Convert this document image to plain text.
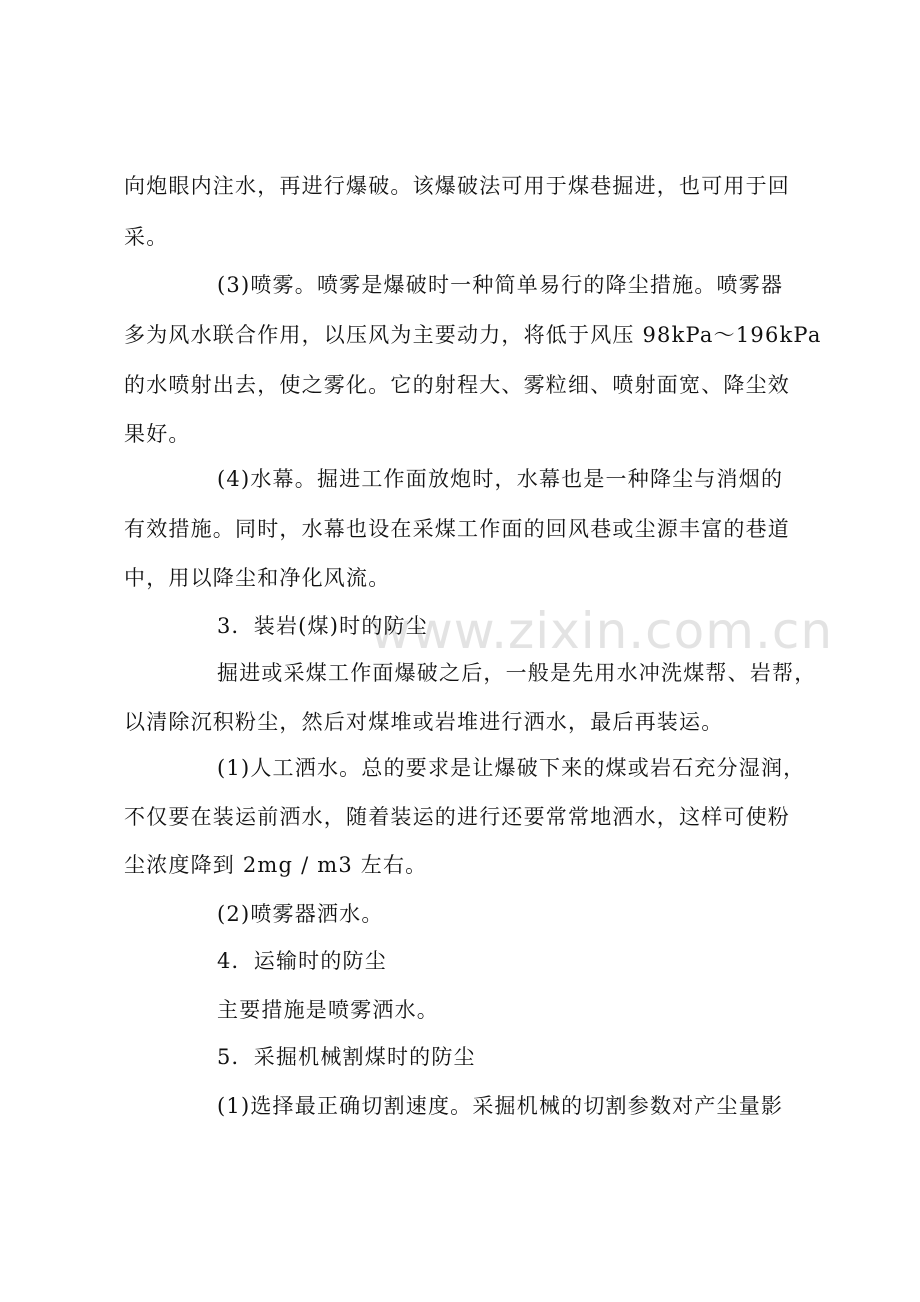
www.zixin.com.cn
向炮眼内注水，再进行爆破。该爆破法可用于煤巷掘进，也可用于回
采。
(3)喷雾。喷雾是爆破时一种简单易行的降尘措施。喷雾器
多为风水联合作用，以压风为主要动力，将低于风压 98kPa～196kPa
的水喷射出去，使之雾化。它的射程大、雾粒细、喷射面宽、降尘效
果好。
(4)水幕。掘进工作面放炮时，水幕也是一种降尘与消烟的
有效措施。同时，水幕也设在采煤工作面的回风巷或尘源丰富的巷道
中，用以降尘和净化风流。
3．装岩(煤)时的防尘
掘进或采煤工作面爆破之后，一般是先用水冲洗煤帮、岩帮，
以清除沉积粉尘，然后对煤堆或岩堆进行洒水，最后再装运。
(1)人工洒水。总的要求是让爆破下来的煤或岩石充分湿润，
不仅要在装运前洒水，随着装运的进行还要常常地洒水，这样可使粉
尘浓度降到 2mg / m3 左右。
(2)喷雾器洒水。
4．运输时的防尘
主要措施是喷雾洒水。
5．采掘机械割煤时的防尘
(1)选择最正确切割速度。采掘机械的切割参数对产尘量影
